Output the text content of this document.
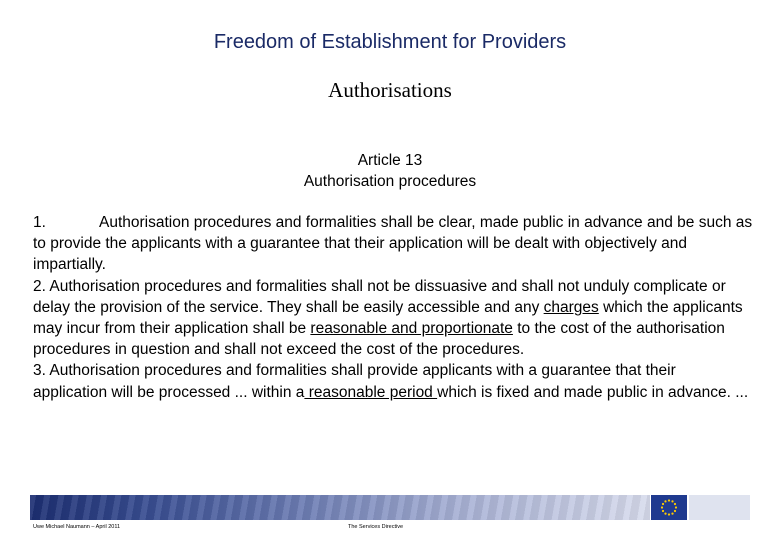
Freedom of Establishment for Providers
Authorisations
Article 13
Authorisation procedures
1.	Authorisation procedures and formalities shall be clear, made public in advance and be such as to provide the applicants with a guarantee that their application will be dealt with objectively and impartially.
2. Authorisation procedures and formalities shall not be dissuasive and shall not unduly complicate or delay the provision of the service. They shall be easily accessible and any charges which the applicants may incur from their application shall be reasonable and proportionate to the cost of the authorisation procedures in question and shall not exceed the cost of the procedures.
3. Authorisation procedures and formalities shall provide applicants with a guarantee that their application will be processed ... within a reasonable period which is fixed and made public in advance. ...
Uwe Michael Naumann – April 2011	The Services Directive
